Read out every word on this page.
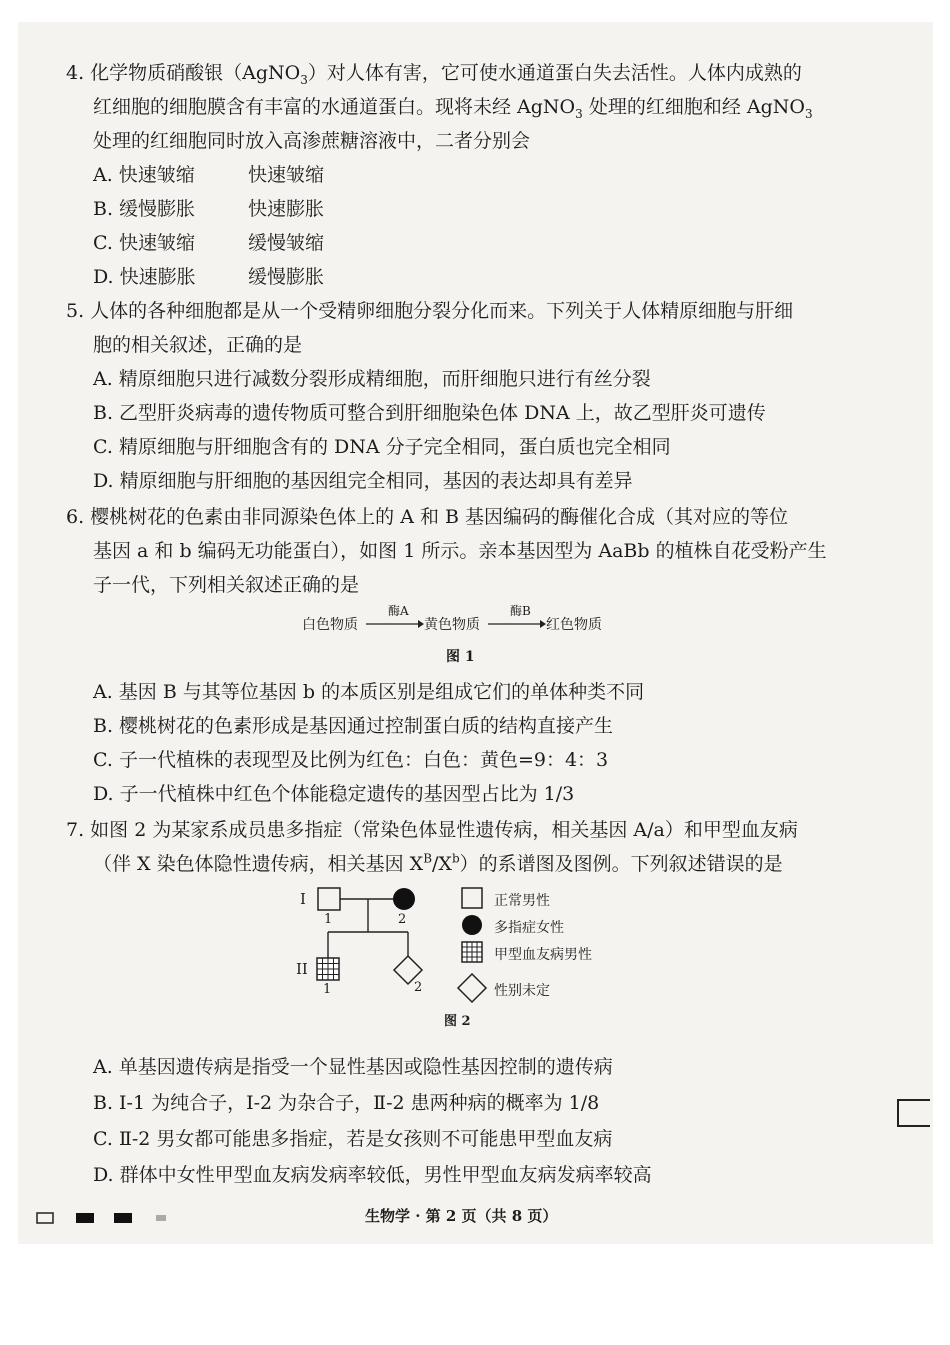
4. 化学物质硝酸银（AgNO$_3$）对人体有害，它可使水通道蛋白失去活性。人体内成熟的
红细胞的细胞膜含有丰富的水通道蛋白。现将未经 AgNO$_3$ 处理的红细胞和经 AgNO$_3$
处理的红细胞同时放入高渗蔗糖溶液中，二者分别会
A. 快速皱缩	快速皱缩
B. 缓慢膨胀	快速膨胀
C. 快速皱缩	缓慢皱缩
D. 快速膨胀	缓慢膨胀
5. 人体的各种细胞都是从一个受精卵细胞分裂分化而来。下列关于人体精原细胞与肝细
胞的相关叙述，正确的是
A. 精原细胞只进行减数分裂形成精细胞，而肝细胞只进行有丝分裂
B. 乙型肝炎病毒的遗传物质可整合到肝细胞染色体 DNA 上，故乙型肝炎可遗传
C. 精原细胞与肝细胞含有的 DNA 分子完全相同，蛋白质也完全相同
D. 精原细胞与肝细胞的基因组完全相同，基因的表达却具有差异
6. 樱桃树花的色素由非同源染色体上的 A 和 B 基因编码的酶催化合成（其对应的等位
基因 a 和 b 编码无功能蛋白），如图 1 所示。亲本基因型为 AaBb 的植株自花受粉产生
子一代，下列相关叙述正确的是
白色物质
酶A
黄色物质
酶B
红色物质
图 1
A. 基因 B 与其等位基因 b 的本质区别是组成它们的单体种类不同
B. 樱桃树花的色素形成是基因通过控制蛋白质的结构直接产生
C. 子一代植株的表现型及比例为红色：白色：黄色=9：4：3
D. 子一代植株中红色个体能稳定遗传的基因型占比为 1/3
7. 如图 2 为某家系成员患多指症（常染色体显性遗传病，相关基因 A/a）和甲型血友病
（伴 X 染色体隐性遗传病，相关基因 $X^B/X^b$）的系谱图及图例。下列叙述错误的是
I
1	2
II
1	2
正常男性
多指症女性
甲型血友病男性
性别未定
图 2
A. 单基因遗传病是指受一个显性基因或隐性基因控制的遗传病
B. Ⅰ-1 为纯合子，Ⅰ-2 为杂合子，Ⅱ-2 患两种病的概率为 1/8
C. Ⅱ-2 男女都可能患多指症，若是女孩则不可能患甲型血友病
D. 群体中女性甲型血友病发病率较低，男性甲型血友病发病率较高
生物学 · 第 2 页（共 8 页）
